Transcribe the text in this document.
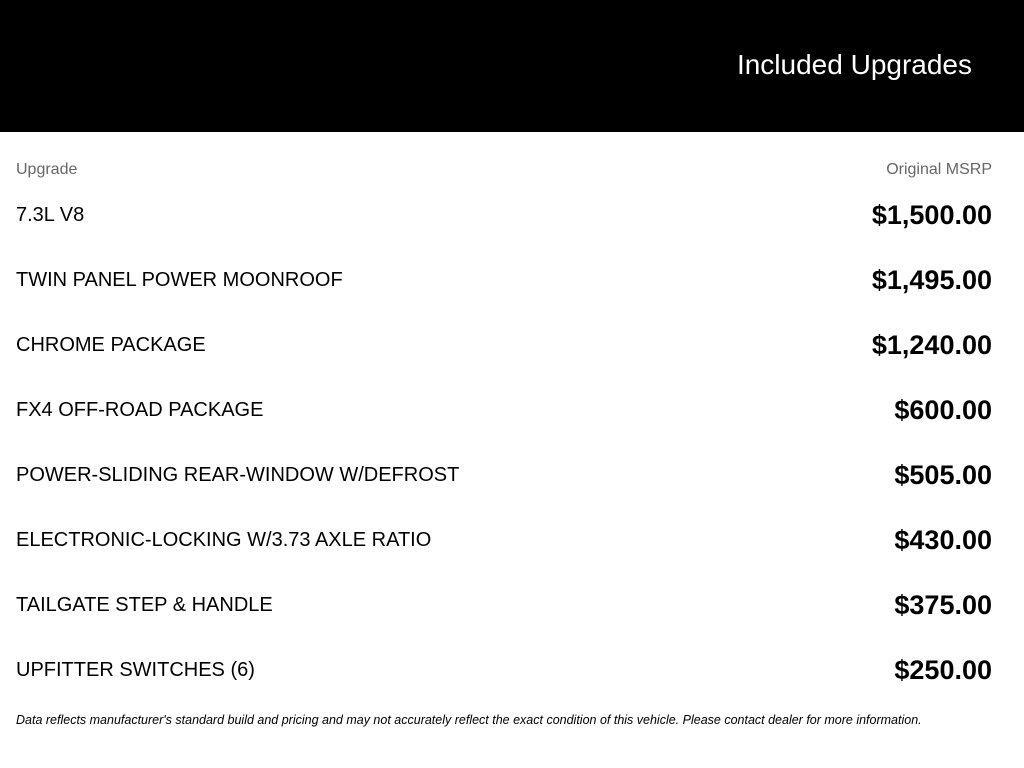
Included Upgrades
Upgrade	Original MSRP
7.3L V8	$1,500.00
TWIN PANEL POWER MOONROOF	$1,495.00
CHROME PACKAGE	$1,240.00
FX4 OFF-ROAD PACKAGE	$600.00
POWER-SLIDING REAR-WINDOW W/DEFROST	$505.00
ELECTRONIC-LOCKING W/3.73 AXLE RATIO	$430.00
TAILGATE STEP & HANDLE	$375.00
UPFITTER SWITCHES (6)	$250.00
Data reflects manufacturer's standard build and pricing and may not accurately reflect the exact condition of this vehicle. Please contact dealer for more information.
